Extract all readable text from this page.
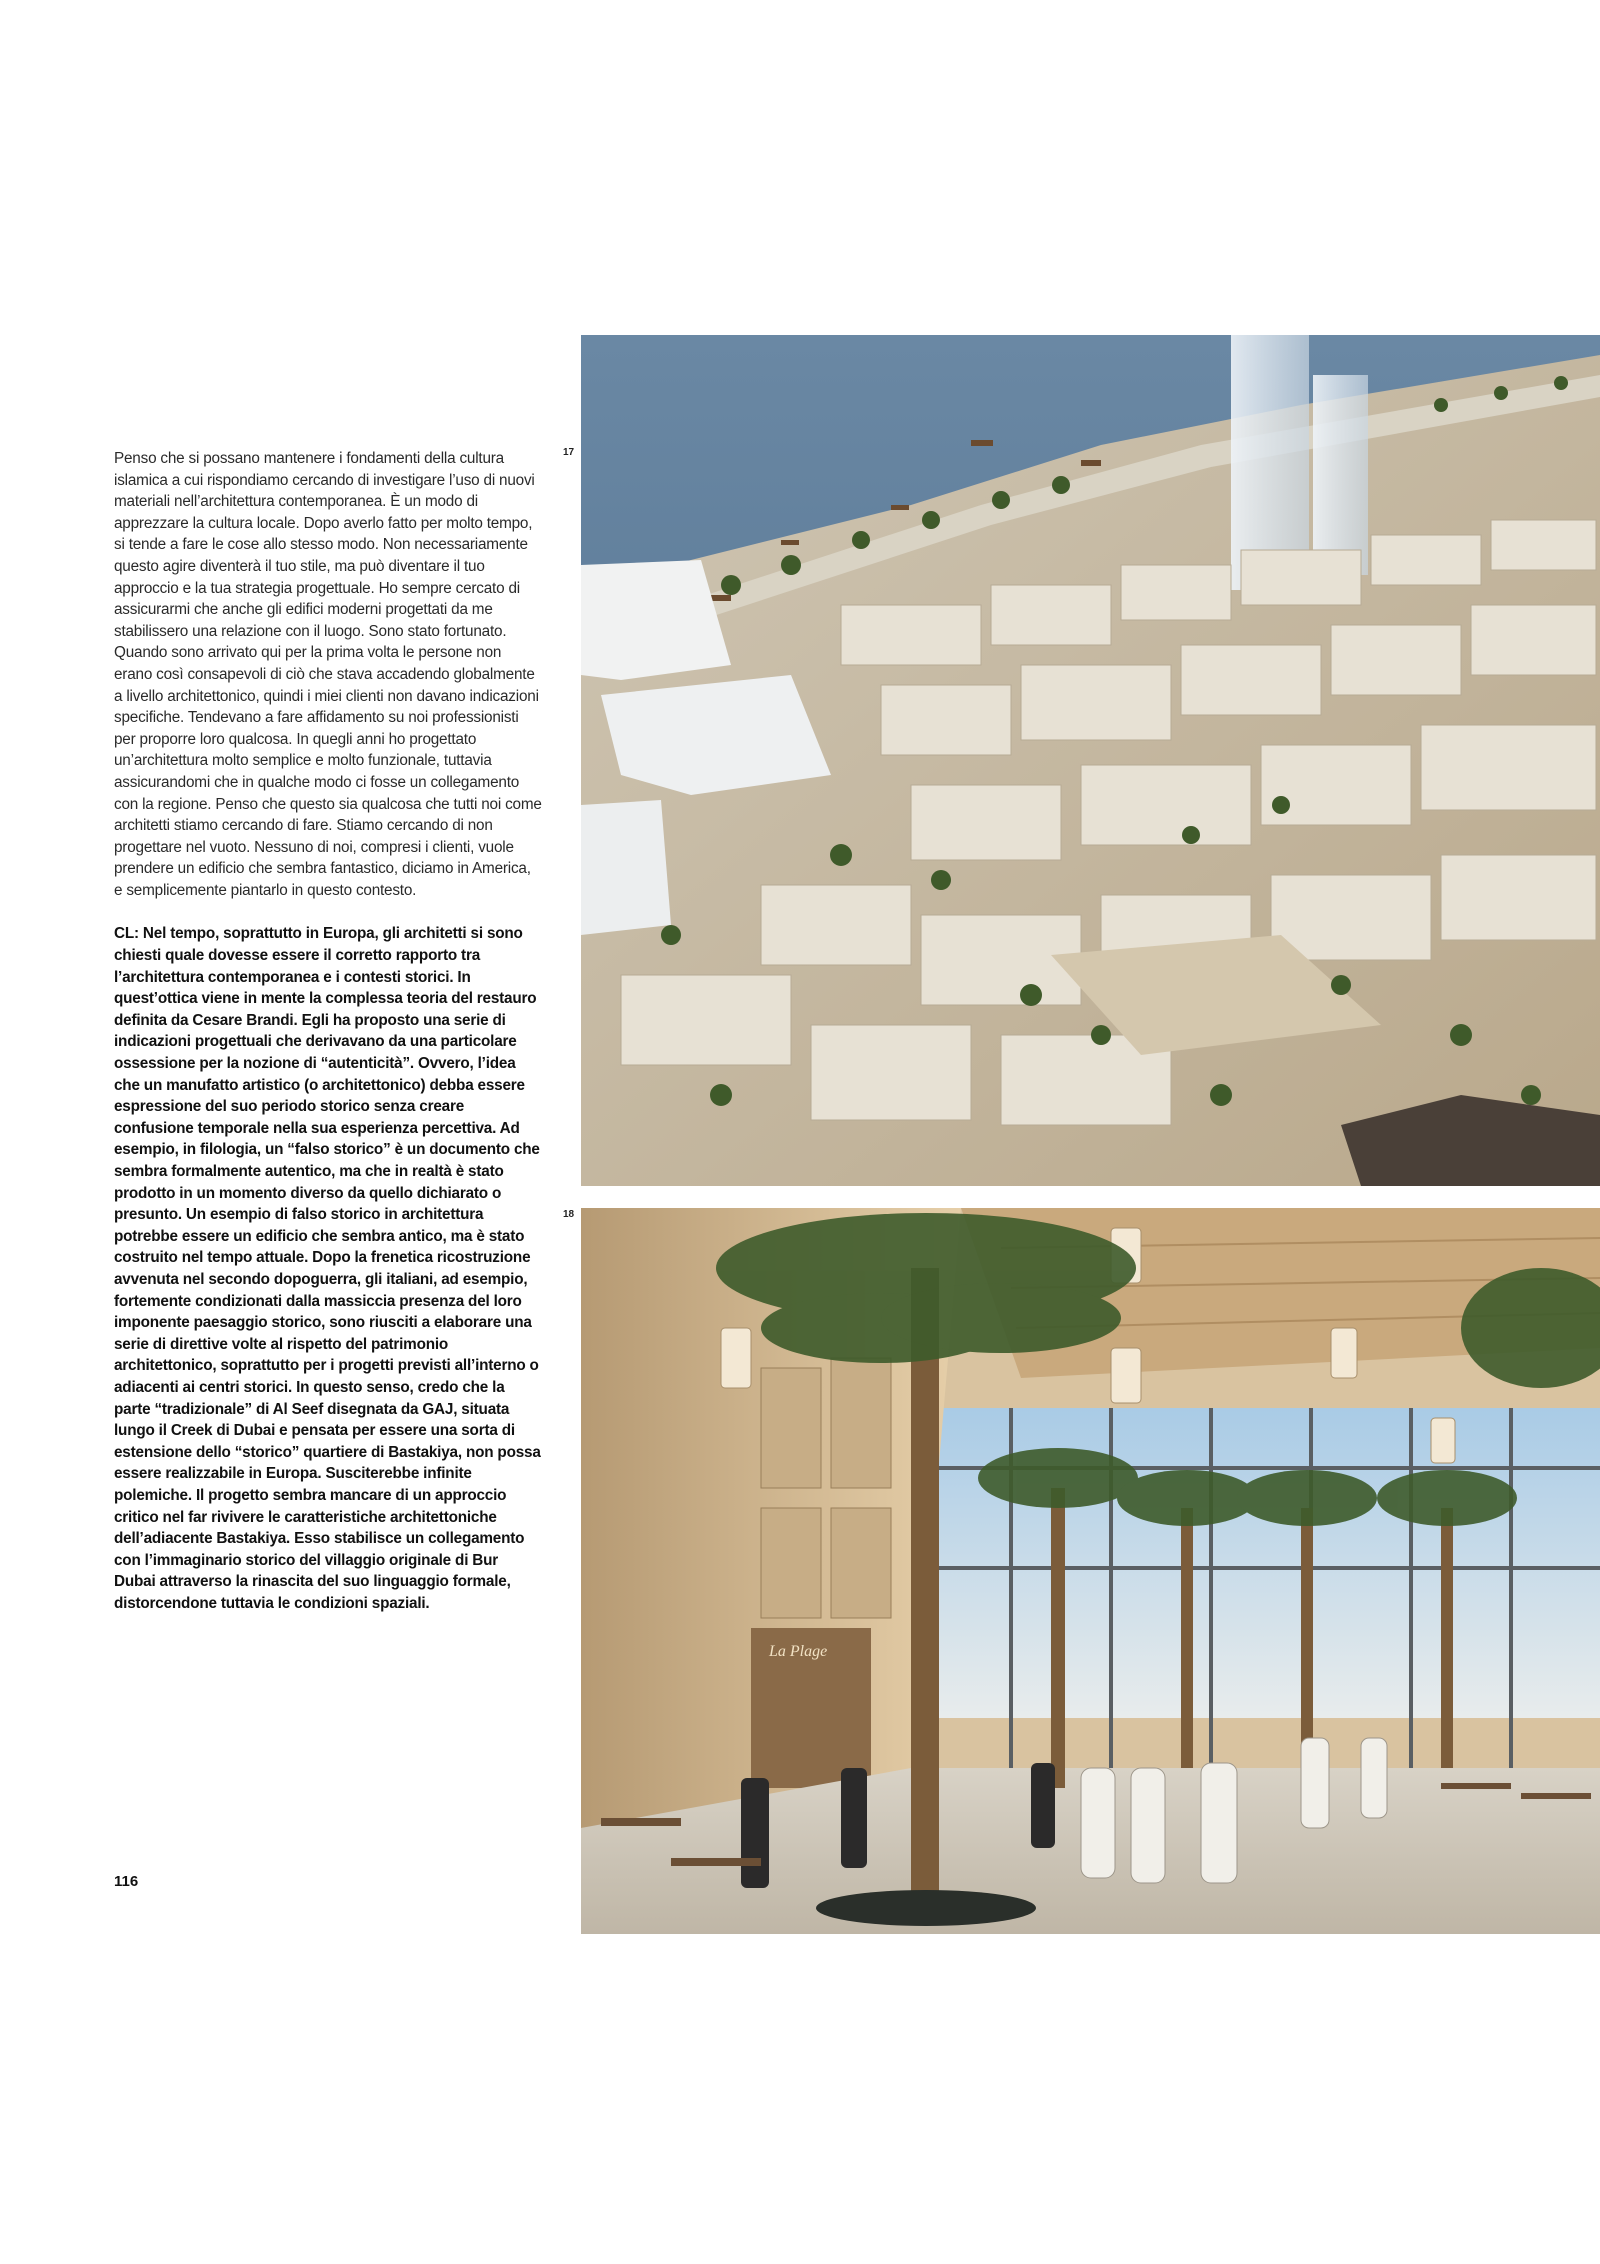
Penso che si possano mantenere i fondamenti della cultura islamica a cui rispondiamo cercando di investigare l’uso di nuovi materiali nell’architettura contemporanea. È un modo di apprezzare la cultura locale. Dopo averlo fatto per molto tempo, si tende a fare le cose allo stesso modo. Non necessariamente questo agire diventerà il tuo stile, ma può diventare il tuo approccio e la tua strategia progettuale. Ho sempre cercato di assicurarmi che anche gli edifici moderni progettati da me stabilissero una relazione con il luogo. Sono stato fortunato. Quando sono arrivato qui per la prima volta le persone non erano così consapevoli di ciò che stava accadendo globalmente a livello architettonico, quindi i miei clienti non davano indicazioni specifiche. Tendevano a fare affidamento su noi professionisti per proporre loro qualcosa. In quegli anni ho progettato un’architettura molto semplice e molto funzionale, tuttavia assicurandomi che in qualche modo ci fosse un collegamento con la regione. Penso che questo sia qualcosa che tutti noi come architetti stiamo cercando di fare. Stiamo cercando di non progettare nel vuoto. Nessuno di noi, compresi i clienti, vuole prendere un edificio che sembra fantastico, diciamo in America, e semplicemente piantarlo in questo contesto.

CL: Nel tempo, soprattutto in Europa, gli architetti si sono chiesti quale dovesse essere il corretto rapporto tra l’architettura contemporanea e i contesti storici. In quest’ottica viene in mente la complessa teoria del restauro definita da Cesare Brandi. Egli ha proposto una serie di indicazioni progettuali che derivavano da una particolare ossessione per la nozione di “autenticità”. Ovvero, l’idea che un manufatto artistico (o architettonico) debba essere espressione del suo periodo storico senza creare confusione temporale nella sua esperienza percettiva. Ad esempio, in filologia, un “falso storico” è un documento che sembra formalmente autentico, ma che in realtà è stato prodotto in un momento diverso da quello dichiarato o presunto. Un esempio di falso storico in architettura potrebbe essere un edificio che sembra antico, ma è stato costruito nel tempo attuale. Dopo la frenetica ricostruzione avvenuta nel secondo dopoguerra, gli italiani, ad esempio, fortemente condizionati dalla massiccia presenza del loro imponente paesaggio storico, sono riusciti a elaborare una serie di direttive volte al rispetto del patrimonio architettonico, soprattutto per i progetti previsti all’interno o adiacenti ai centri storici. In questo senso, credo che la parte “tradizionale” di Al Seef disegnata da GAJ, situata lungo il Creek di Dubai e pensata per essere una sorta di estensione dello “storico” quartiere di Bastakiya, non possa essere realizzabile in Europa. Susciterebbe infinite polemiche. Il progetto sembra mancare di un approccio critico nel far rivivere le caratteristiche architettoniche dell’adiacente Bastakiya. Esso stabilisce un collegamento con l’immaginario storico del villaggio originale di Bur Dubai attraverso la rinascita del suo linguaggio formale, distorcendone tuttavia le condizioni spaziali.

116
17
18
La Plage
